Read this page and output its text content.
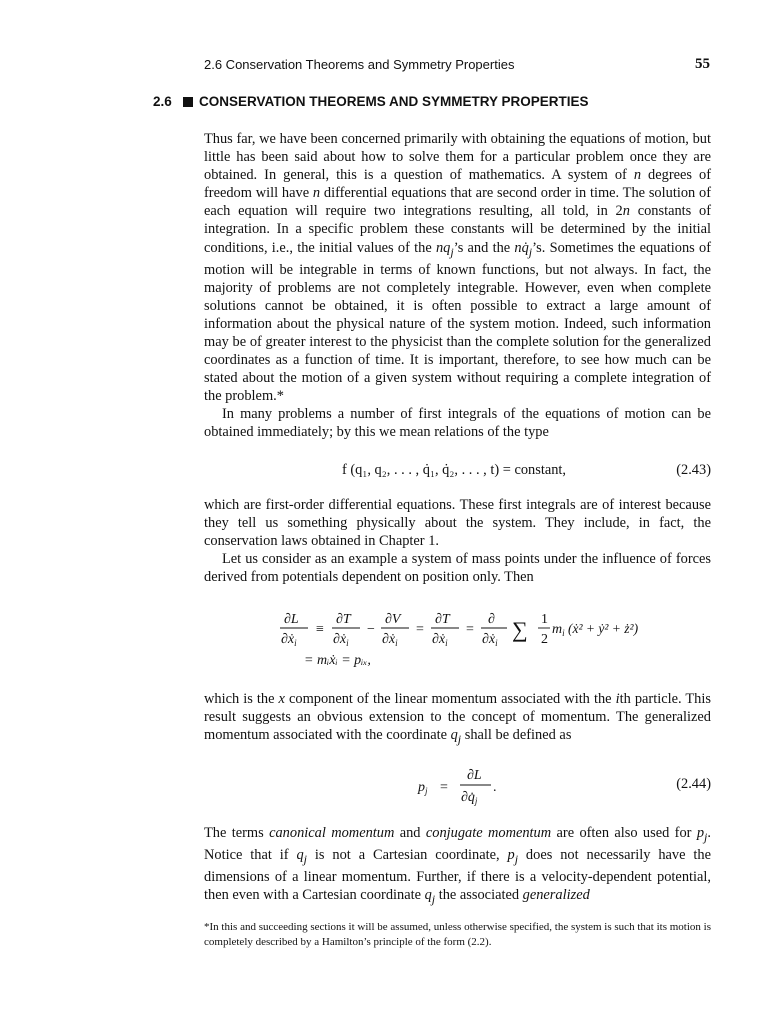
2.6 Conservation Theorems and Symmetry Properties	55
2.6 CONSERVATION THEOREMS AND SYMMETRY PROPERTIES

Thus far, we have been concerned primarily with obtaining the equations of motion, but little has been said about how to solve them for a particular problem once they are obtained. In general, this is a question of mathematics. A system of n degrees of freedom will have n differential equations that are second order in time. The solution of each equation will require two integrations resulting, all told, in 2n constants of integration. In a specific problem these constants will be determined by the initial conditions, i.e., the initial values of the $nq_j’s$ and the $nq̇_j’s$. Sometimes the equations of motion will be integrable in terms of known functions, but not always. In fact, the majority of problems are not completely integrable. However, even when complete solutions cannot be obtained, it is often possible to extract a large amount of information about the physical nature of the system motion. Indeed, such information may be of greater interest to the physicist than the complete solution for the generalized coordinates as a function of time. It is important, therefore, to see how much can be stated about the motion of a given system without requiring a complete integration of the problem.*

In many problems a number of first integrals of the equations of motion can be obtained immediately; by this we mean relations of the type

f (q₁, q₂, . . . , q̇₁, q̇₂, . . . , t) = constant,	(2.43)

which are first-order differential equations. These first integrals are of interest because they tell us something physically about the system. They include, in fact, the conservation laws obtained in Chapter 1.

Let us consider as an example a system of mass points under the influence of forces derived from potentials dependent on position only. Then

∂L
∂ẋ$_i$
≡
∂T
∂ẋ$_i$
−
∂V
∂ẋ$_i$
=
∂T
∂ẋ$_i$
=
∂
∂ẋ$_i$
∑ 1
2
$m_i$ (ẋ² + ẏ² + ż²)
= mᵢẋᵢ = pᵢₓ,

which is the x component of the linear momentum associated with the ith particle. This result suggests an obvious extension to the concept of momentum. The generalized momentum associated with the coordinate $q_j$ shall be defined as

$p_j$ =
∂L
$\partial q̇_j$
.	(2.44)

The terms canonical momentum and conjugate momentum are often also used for $p_j$. Notice that if $q_j$ is not a Cartesian coordinate, $p_j$ does not necessarily have the dimensions of a linear momentum. Further, if there is a velocity-dependent potential, then even with a Cartesian coordinate $q_j$ the associated generalized

*In this and succeeding sections it will be assumed, unless otherwise specified, the system is such that its motion is completely described by a Hamilton’s principle of the form (2.2).
